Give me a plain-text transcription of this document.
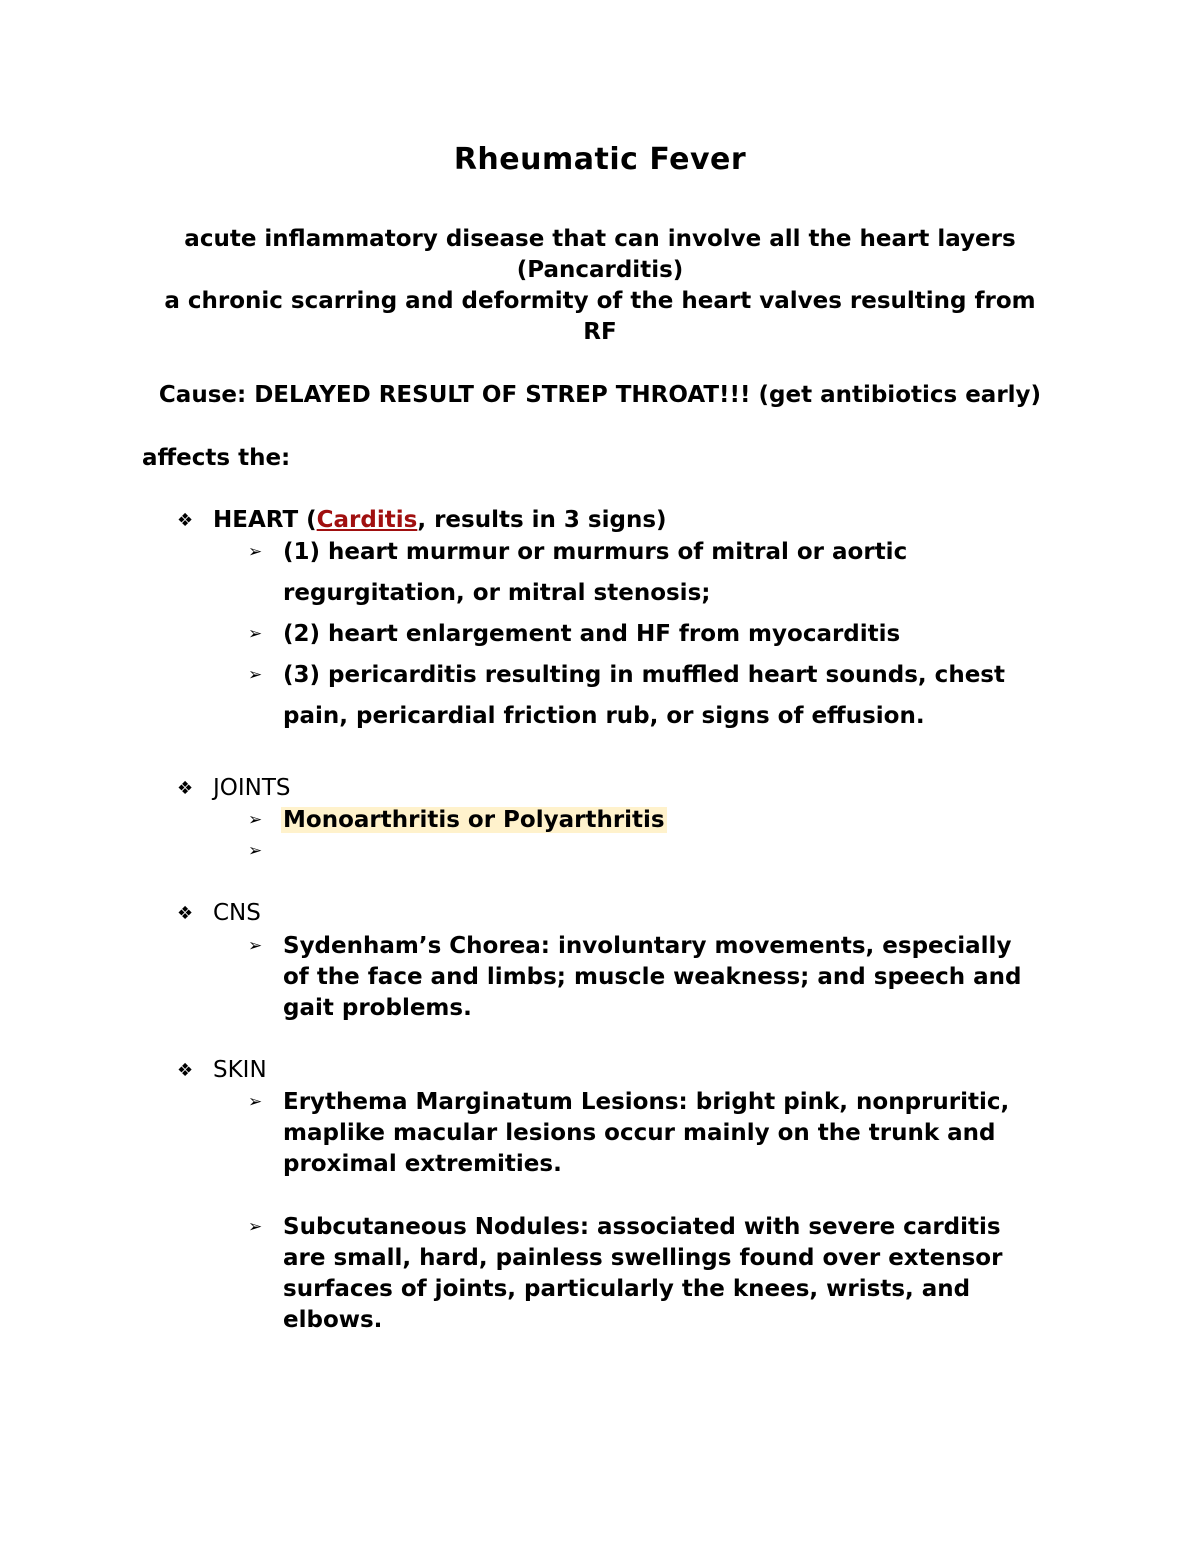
Rheumatic Fever
acute inflammatory disease that can involve all the heart layers
(Pancarditis)
a chronic scarring and deformity of the heart valves resulting from
RF
Cause: DELAYED RESULT OF STREP THROAT!!! (get antibiotics early)
affects the:
❖ HEART (Carditis, results in 3 signs)
➢ (1) heart murmur or murmurs of mitral or aortic
regurgitation, or mitral stenosis;
➢ (2) heart enlargement and HF from myocarditis
➢ (3) pericarditis resulting in muffled heart sounds, chest
pain, pericardial friction rub, or signs of effusion.
❖ JOINTS
➢ Monoarthritis or Polyarthritis
➢
❖ CNS
➢ Sydenham’s Chorea: involuntary movements, especially
of the face and limbs; muscle weakness; and speech and
gait problems.
❖ SKIN
➢ Erythema Marginatum Lesions: bright pink, nonpruritic,
maplike macular lesions occur mainly on the trunk and
proximal extremities.
➢ Subcutaneous Nodules: associated with severe carditis
are small, hard, painless swellings found over extensor
surfaces of joints, particularly the knees, wrists, and
elbows.
